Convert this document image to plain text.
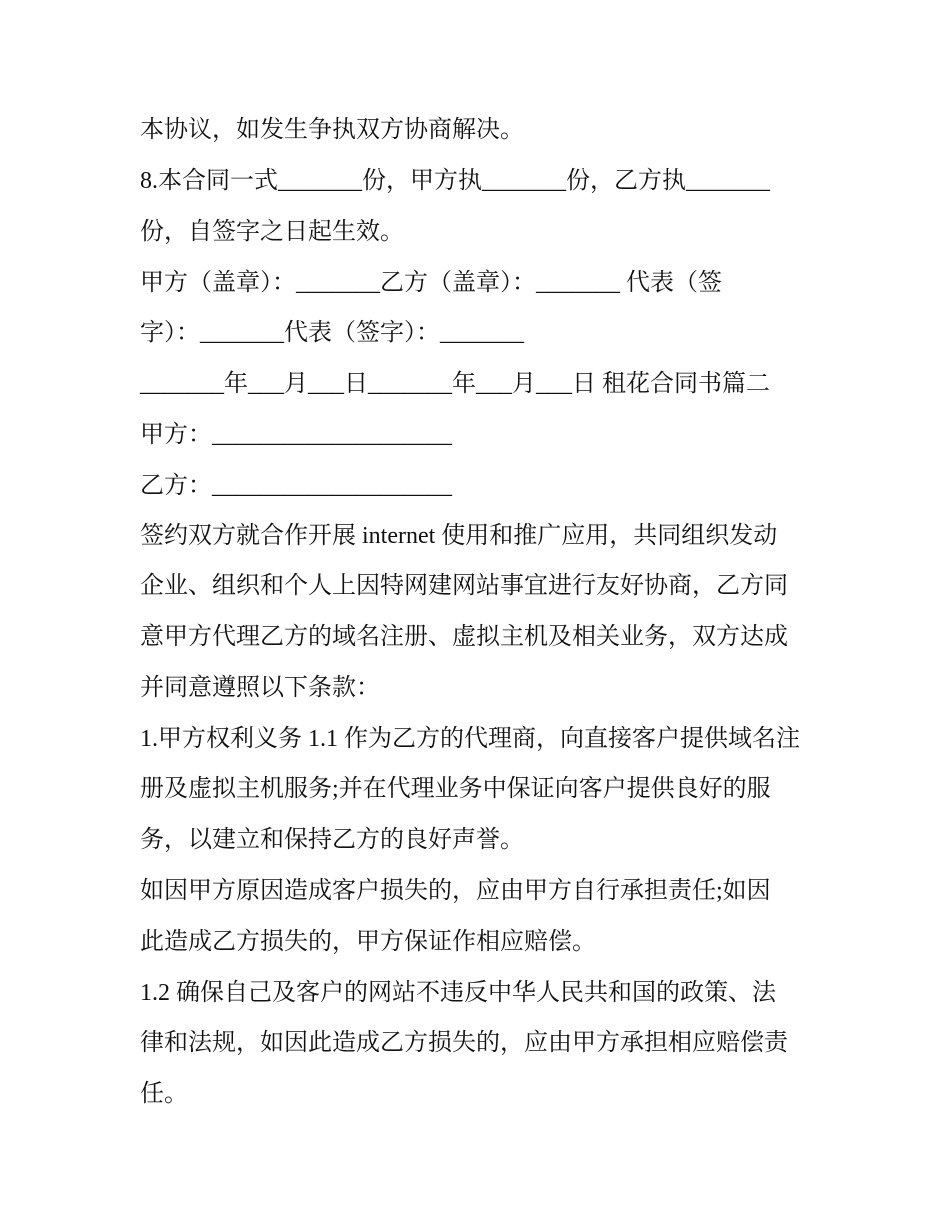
本协议，如发生争执双方协商解决。
8.本合同一式_______份，甲方执_______份，乙方执_______
份，自签字之日起生效。
甲方（盖章）：_______乙方（盖章）：_______ 代表（签
字）：_______代表（签字）：_______
_______年___月___日_______年___月___日 租花合同书篇二
甲方：____________________
乙方：____________________
签约双方就合作开展 internet 使用和推广应用，共同组织发动
企业、组织和个人上因特网建网站事宜进行友好协商，乙方同
意甲方代理乙方的域名注册、虚拟主机及相关业务，双方达成
并同意遵照以下条款：
1.甲方权利义务 1.1 作为乙方的代理商，向直接客户提供域名注
册及虚拟主机服务;并在代理业务中保证向客户提供良好的服
务，以建立和保持乙方的良好声誉。
如因甲方原因造成客户损失的，应由甲方自行承担责任;如因
此造成乙方损失的，甲方保证作相应赔偿。
1.2 确保自己及客户的网站不违反中华人民共和国的政策、法
律和法规，如因此造成乙方损失的，应由甲方承担相应赔偿责
任。
